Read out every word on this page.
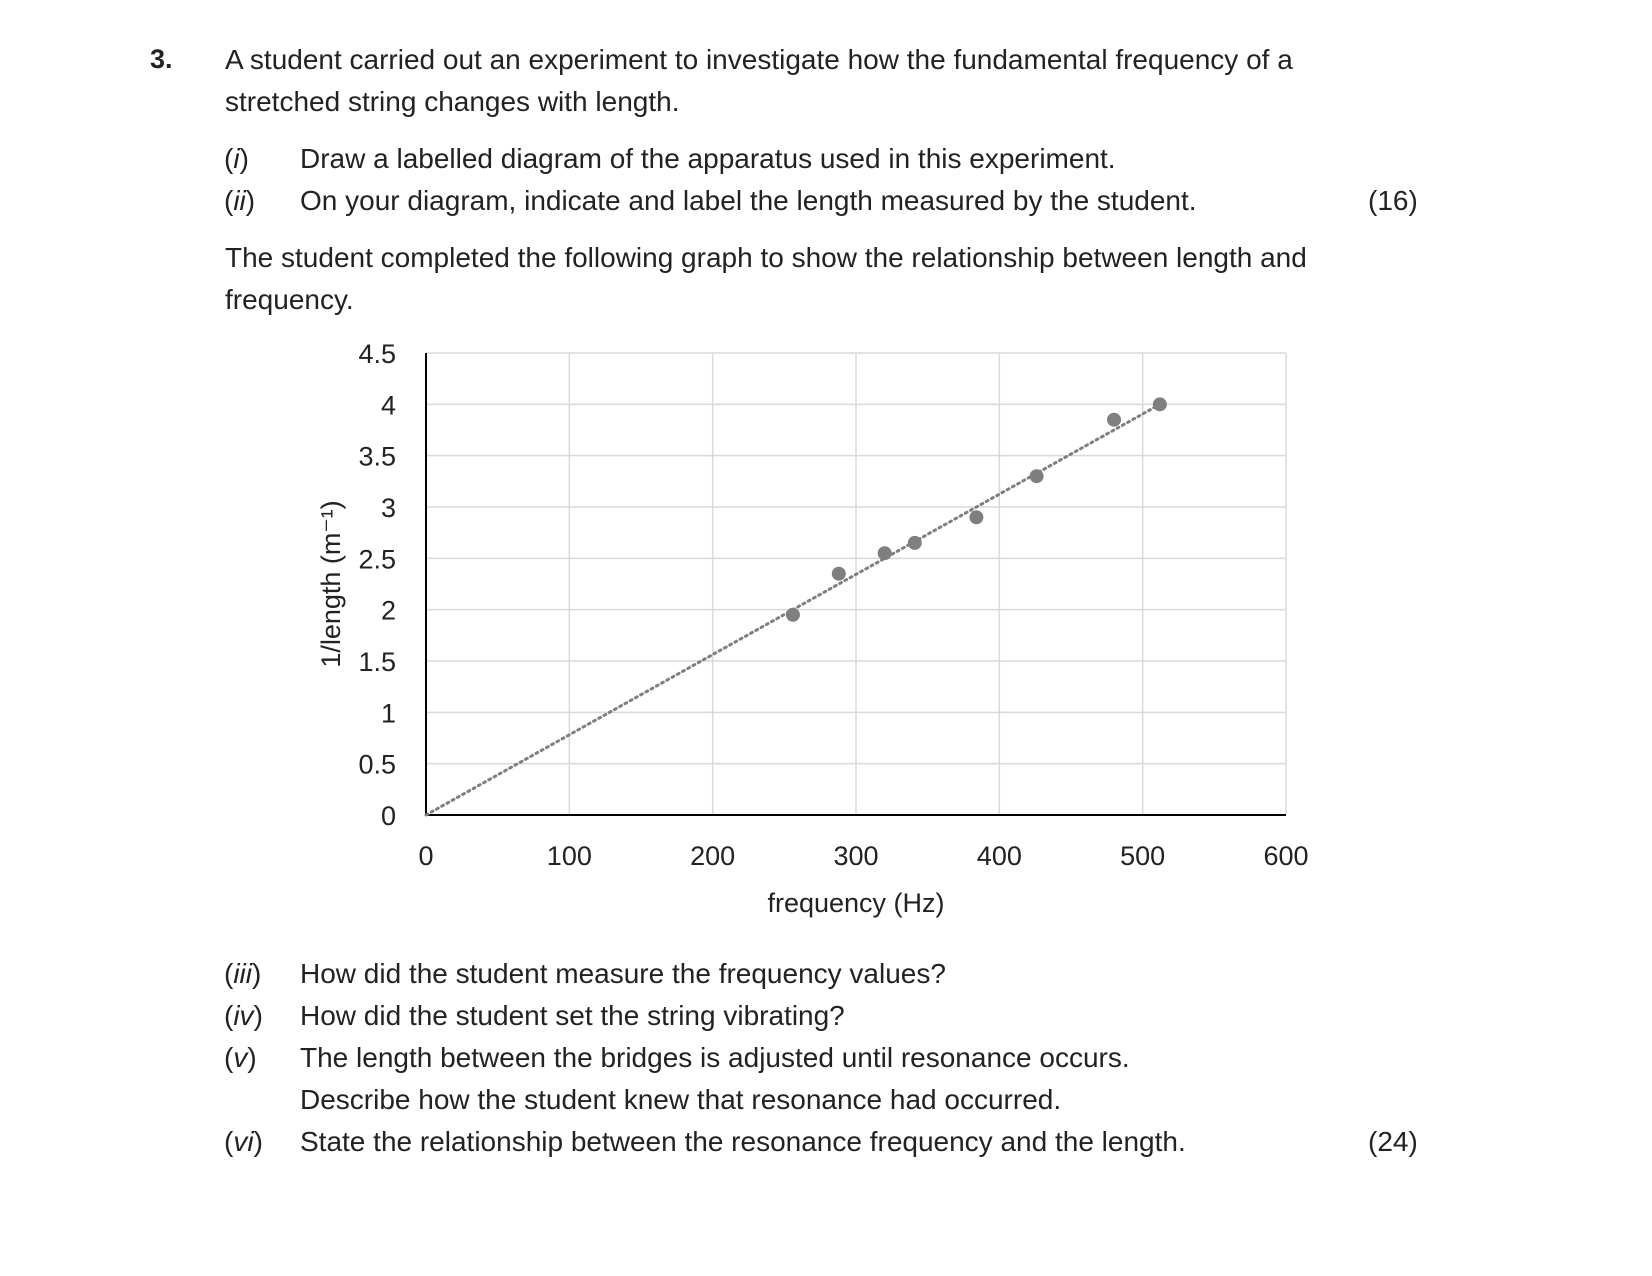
3. A student carried out an experiment to investigate how the fundamental frequency of a
stretched string changes with length.
(i) Draw a labelled diagram of the apparatus used in this experiment.
(ii) On your diagram, indicate and label the length measured by the student.	(16)
The student completed the following graph to show the relationship between length and
frequency.
0	100	200	300	400	500	600
0
0.5
1
1.5
2
2.5
3
3.5
4
4.5
frequency (Hz)
1/length (m⁻¹)
(iii) How did the student measure the frequency values?
(iv) How did the student set the string vibrating?
(v) The length between the bridges is adjusted until resonance occurs.
Describe how the student knew that resonance had occurred.
(vi) State the relationship between the resonance frequency and the length.	(24)
